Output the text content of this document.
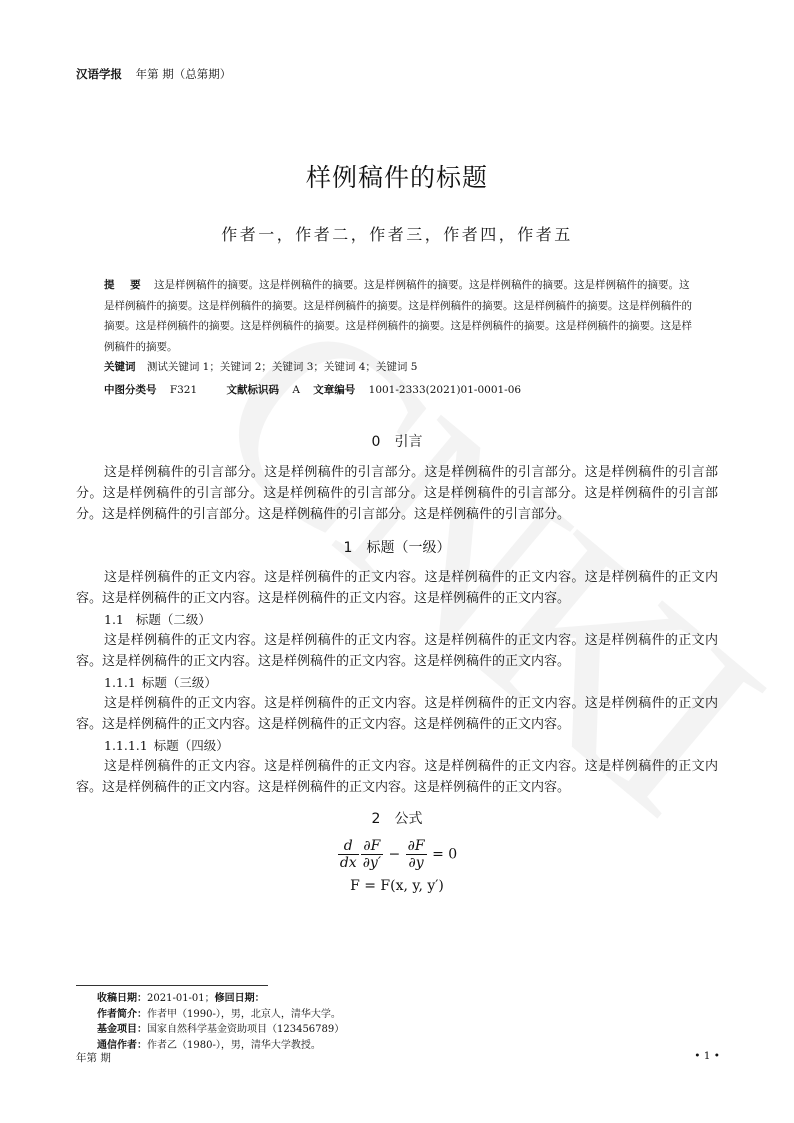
汉语学报 年第 期（总第期）
样例稿件的标题
作者一，作者二，作者三，作者四，作者五
提 要 这是样例稿件的摘要。这是样例稿件的摘要。这是样例稿件的摘要。这是样例稿件的摘要。这是样例稿件的摘要。这是样例稿件的摘要。这是样例稿件的摘要。这是样例稿件的摘要。这是样例稿件的摘要。这是样例稿件的摘要。这是样例稿件的摘要。这是样例稿件的摘要。这是样例稿件的摘要。这是样例稿件的摘要。这是样例稿件的摘要。这是样例稿件的摘要。这是样例稿件的摘要。
关键词 测试关键词 1；关键词 2；关键词 3；关键词 4；关键词 5
中图分类号 F321	文献标识码 A 文章编号 1001-2333(2021)01-0001-06
0 引言
这是样例稿件的引言部分。这是样例稿件的引言部分。这是样例稿件的引言部分。这是样例稿件的引言部分。这是样例稿件的引言部分。这是样例稿件的引言部分。这是样例稿件的引言部分。这是样例稿件的引言部分。这是样例稿件的引言部分。这是样例稿件的引言部分。这是样例稿件的引言部分。
1 标题（一级）
这是样例稿件的正文内容。这是样例稿件的正文内容。这是样例稿件的正文内容。这是样例稿件的正文内容。这是样例稿件的正文内容。这是样例稿件的正文内容。这是样例稿件的正文内容。
1.1 标题（二级）
这是样例稿件的正文内容。这是样例稿件的正文内容。这是样例稿件的正文内容。这是样例稿件的正文内容。这是样例稿件的正文内容。这是样例稿件的正文内容。这是样例稿件的正文内容。
1.1.1 标题（三级）
这是样例稿件的正文内容。这是样例稿件的正文内容。这是样例稿件的正文内容。这是样例稿件的正文内容。这是样例稿件的正文内容。这是样例稿件的正文内容。这是样例稿件的正文内容。
1.1.1.1 标题（四级）
这是样例稿件的正文内容。这是样例稿件的正文内容。这是样例稿件的正文内容。这是样例稿件的正文内容。这是样例稿件的正文内容。这是样例稿件的正文内容。这是样例稿件的正文内容。
2 公式
$\frac{d}{dx} \frac{\partial F}{\partial y'} - \frac{\partial F}{\partial y} = 0$
F = F(x, y, y′)
收稿日期：2021-01-01；修回日期：
作者简介：作者甲（1990-），男，北京人，清华大学。
基金项目：国家自然科学基金资助项目（123456789）
通信作者：作者乙（1980-），男，清华大学教授。
年第 期	• 1 •
